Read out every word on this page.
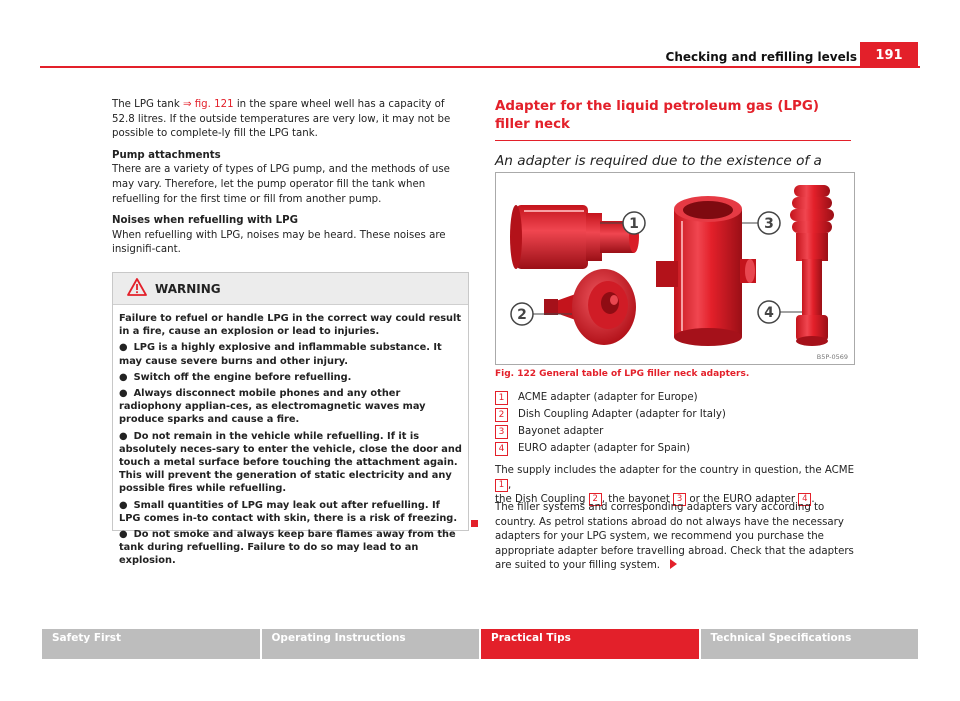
Checking and refilling levels	191

The LPG tank ⇒ fig. 121 in the spare wheel well has a capacity of 52.8 litres. If the outside temperatures are very low, it may not be possible to complete-ly fill the LPG tank.

Pump attachments

There are a variety of types of LPG pump, and the methods of use may vary. Therefore, let the pump operator fill the tank when refuelling for the first time or fill from another pump.

Noises when refuelling with LPG

When refuelling with LPG, noises may be heard. These noises are insignifi-cant.

WARNING

Failure to refuel or handle LPG in the correct way could result in a fire, cause an explosion or lead to injuries.

● LPG is a highly explosive and inflammable substance. It may cause severe burns and other injury.

● Switch off the engine before refuelling.

● Always disconnect mobile phones and any other radiophony applian-ces, as electromagnetic waves may produce sparks and cause a fire.

● Do not remain in the vehicle while refuelling. If it is absolutely neces-sary to enter the vehicle, close the door and touch a metal surface before touching the attachment again. This will prevent the generation of static electricity and any possible fires while refuelling.

● Small quantities of LPG may leak out after refuelling. If LPG comes in-to contact with skin, there is a risk of freezing.

● Do not smoke and always keep bare flames away from the tank during refuelling. Failure to do so may lead to an explosion.

Adapter for the liquid petroleum gas (LPG) filler neck
An adapter is required due to the existence of a
1
2
3
4
B5P-0569
Fig. 122 General table of LPG filler neck adapters.
1	ACME adapter (adapter for Europe)
2	Dish Coupling Adapter (adapter for Italy)
3	Bayonet adapter
4	EURO adapter (adapter for Spain)

The supply includes the adapter for the country in question, the ACME 1 ,
the Dish Coupling 2 , the bayonet 3 or the EURO adapter 4 .

The filler systems and corresponding adapters vary according to country. As petrol stations abroad do not always have the necessary adapters for your LPG system, we recommend you purchase the appropriate adapter before travelling abroad. Check that the adapters are suited to your filling system.

Safety First	Operating Instructions	Practical Tips	Technical Specifications
